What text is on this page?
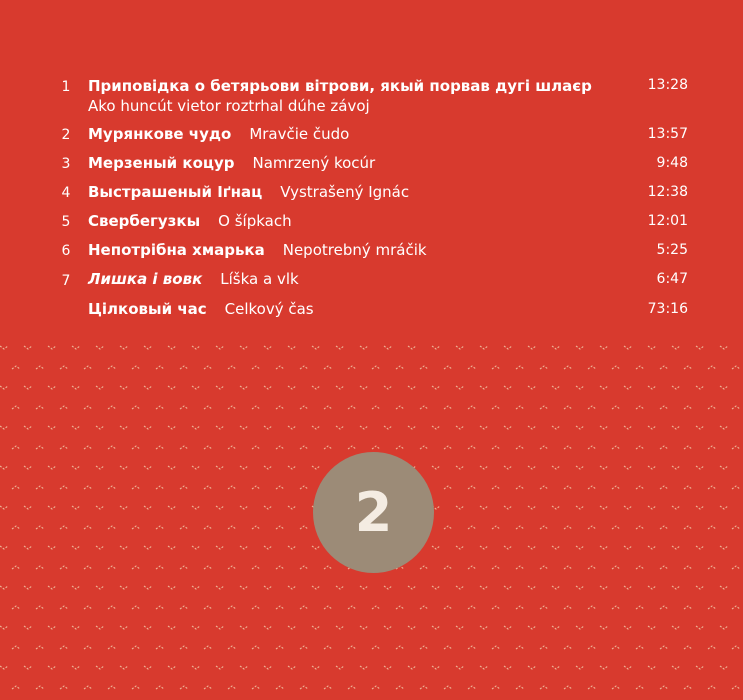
1 Приповідка о бетярьови вітрови, якый порвав дугі шлаєр
Ako huncút vietor roztrhal dúhe závoj
13:28
2 Мурянкове чудо Mravčie čudo	13:57
3 Мерзеный коцур Namrzený kocúr	9:48
4 Выстрашеный Іґнац Vystrašený Ignác	12:38
5 Свербегузкы O šípkach	12:01
6 Непотрібна хмарька Nepotrebný mráčik	5:25
7 Лишка і вовк Líška a vlk	6:47
Цілковый час Celkový čas	73:16
2
